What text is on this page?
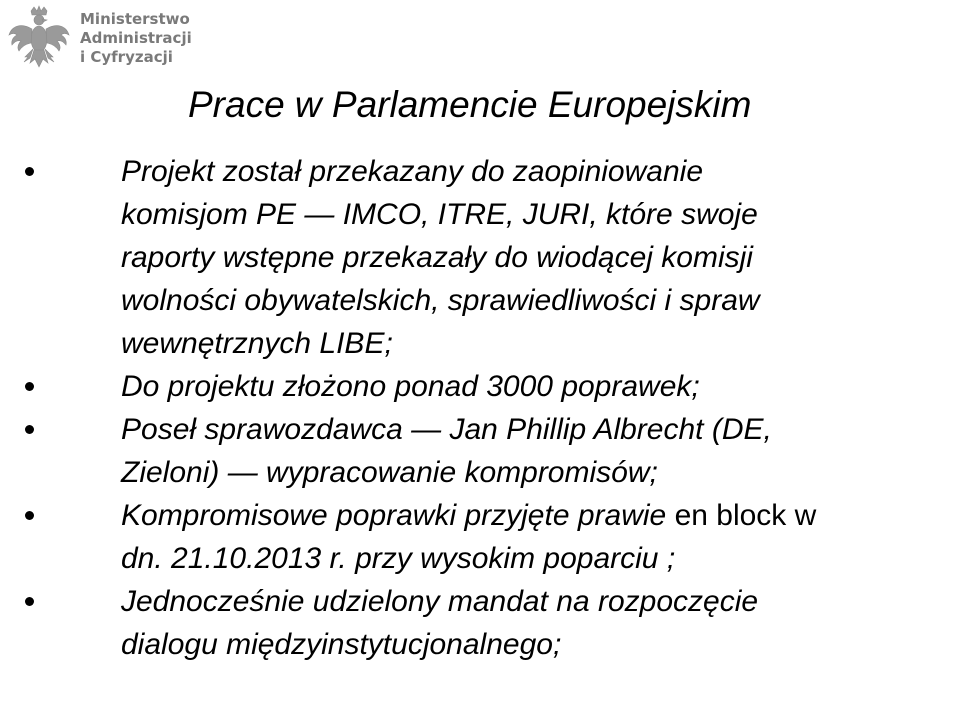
Ministerstwo
Administracji
i Cyfryzacji
Prace w Parlamencie Europejskim
Projekt został przekazany do zaopiniowanie
komisjom PE — IMCO, ITRE, JURI, które swoje
raporty wstępne przekazały do wiodącej komisji
wolności obywatelskich, sprawiedliwości i spraw
wewnętrznych LIBE;
Do projektu złożono ponad 3000 poprawek;
Poseł sprawozdawca — Jan Phillip Albrecht (DE,
Zieloni) — wypracowanie kompromisów;
Kompromisowe poprawki przyjęte prawie en block w
dn. 21.10.2013 r. przy wysokim poparciu ;
Jednocześnie udzielony mandat na rozpoczęcie
dialogu międzyinstytucjonalnego;
